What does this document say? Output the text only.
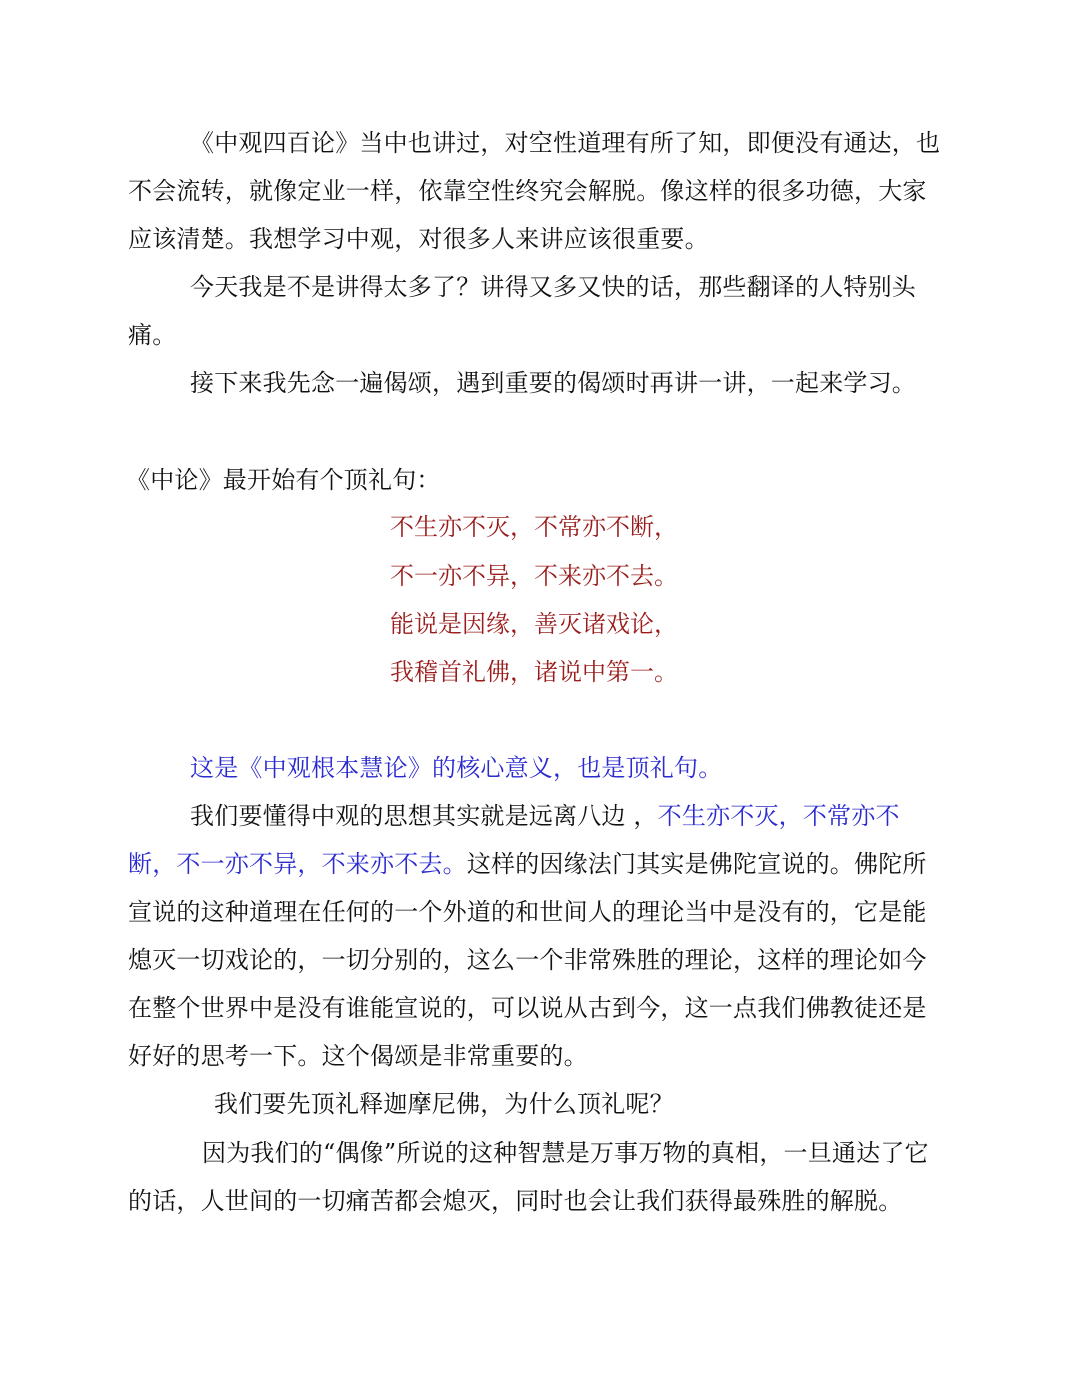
《中观四百论》当中也讲过，对空性道理有所了知，即便没有通达，也不会流转，就像定业一样，依靠空性终究会解脱。像这样的很多功德，大家应该清楚。我想学习中观，对很多人来讲应该很重要。

今天我是不是讲得太多了？讲得又多又快的话，那些翻译的人特别头痛。

接下来我先念一遍偈颂，遇到重要的偈颂时再讲一讲，一起来学习。

《中论》最开始有个顶礼句：

不生亦不灭，不常亦不断，

不一亦不异，不来亦不去。

能说是因缘，善灭诸戏论，

我稽首礼佛，诸说中第一。

这是《中观根本慧论》的核心意义，也是顶礼句。

我们要懂得中观的思想其实就是远离八边 ，不生亦不灭，不常亦不断，不一亦不异，不来亦不去。这样的因缘法门其实是佛陀宣说的。佛陀所宣说的这种道理在任何的一个外道的和世间人的理论当中是没有的，它是能熄灭一切戏论的，一切分别的，这么一个非常殊胜的理论，这样的理论如今在整个世界中是没有谁能宣说的，可以说从古到今，这一点我们佛教徒还是好好的思考一下。这个偈颂是非常重要的。

我们要先顶礼释迦摩尼佛，为什么顶礼呢？

因为我们的“偶像”所说的这种智慧是万事万物的真相，一旦通达了它的话，人世间的一切痛苦都会熄灭，同时也会让我们获得最殊胜的解脱。
